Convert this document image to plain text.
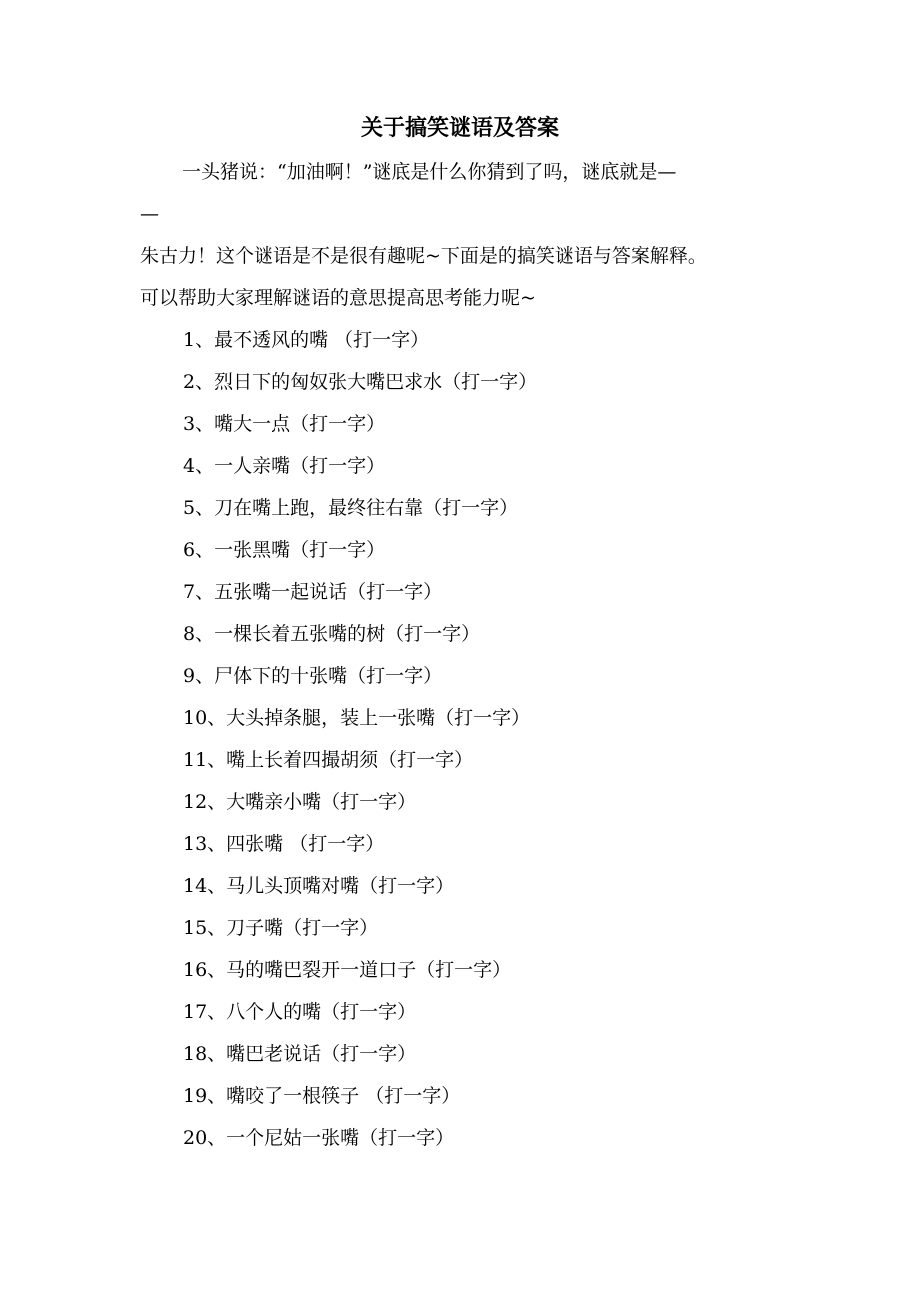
关于搞笑谜语及答案

一头猪说：“加油啊！”谜底是什么你猜到了吗，谜底就是—

—

朱古力！这个谜语是不是很有趣呢~下面是的搞笑谜语与答案解释。

可以帮助大家理解谜语的意思提高思考能力呢~

1、最不透风的嘴 （打一字）
2、烈日下的匈奴张大嘴巴求水（打一字）
3、嘴大一点（打一字）
4、一人亲嘴（打一字）
5、刀在嘴上跑，最终往右靠（打一字）
6、一张黑嘴（打一字）
7、五张嘴一起说话（打一字）
8、一棵长着五张嘴的树（打一字）
9、尸体下的十张嘴（打一字）
10、大头掉条腿，装上一张嘴（打一字）
11、嘴上长着四撮胡须（打一字）
12、大嘴亲小嘴（打一字）
13、四张嘴 （打一字）
14、马儿头顶嘴对嘴（打一字）
15、刀子嘴（打一字）
16、马的嘴巴裂开一道口子（打一字）
17、八个人的嘴（打一字）
18、嘴巴老说话（打一字）
19、嘴咬了一根筷子 （打一字）
20、一个尼姑一张嘴（打一字）
